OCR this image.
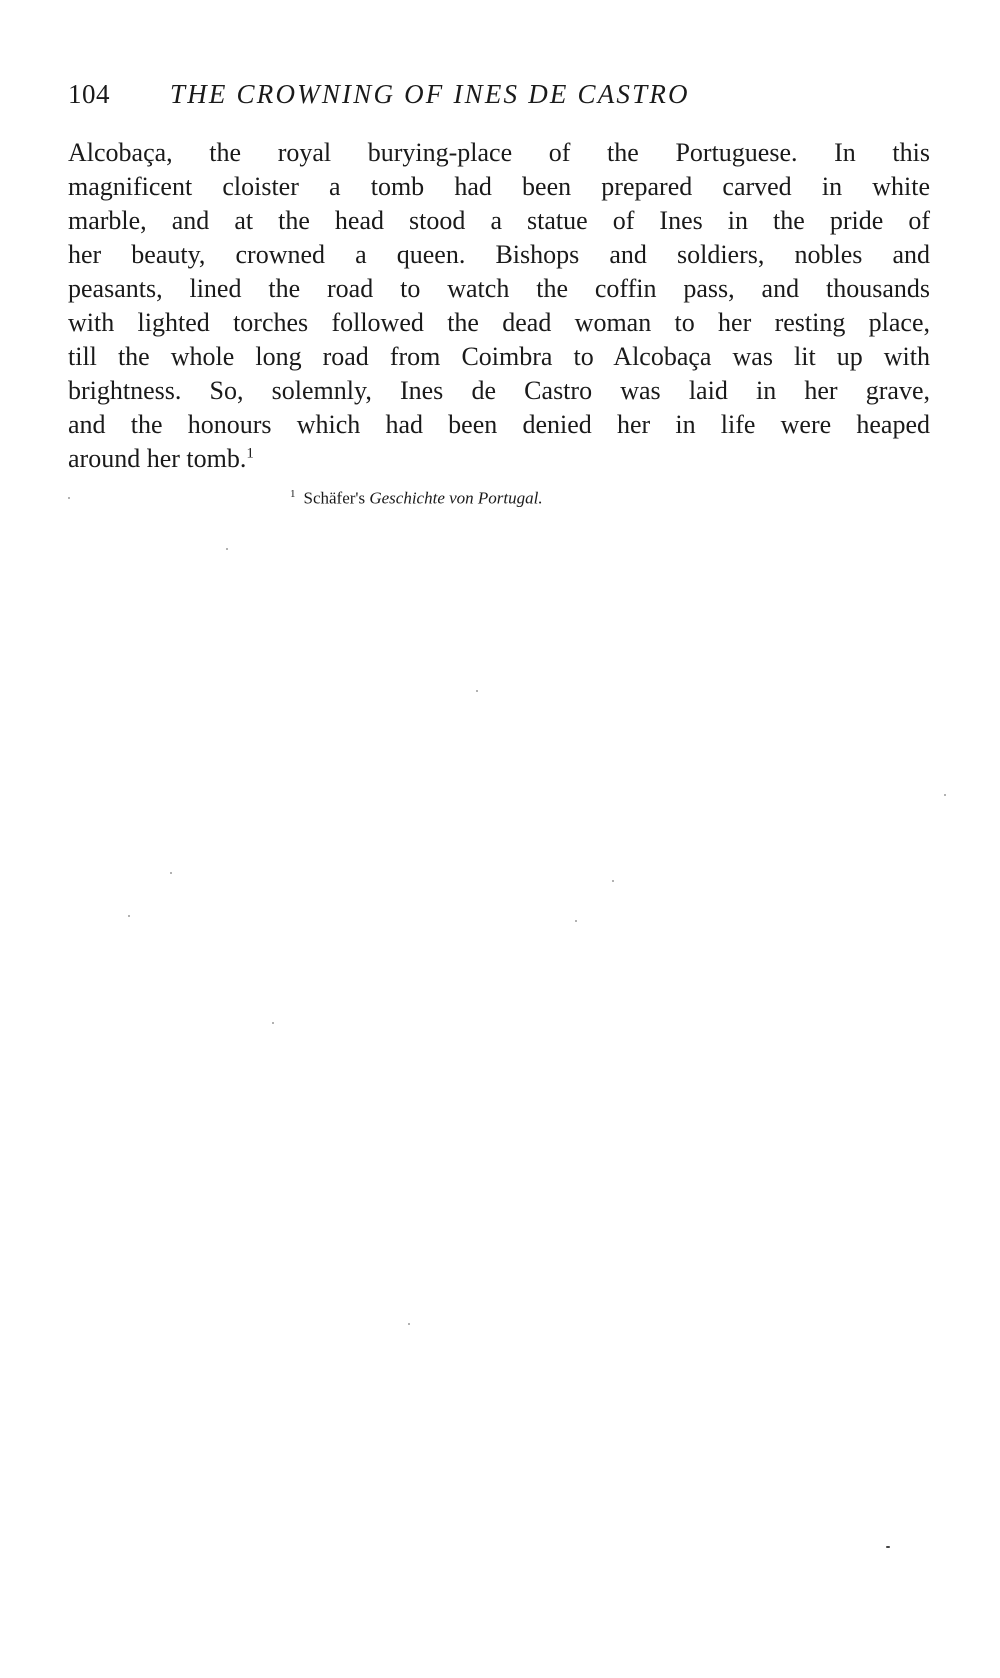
104 THE CROWNING OF INES DE CASTRO
Alcobaça, the royal burying-place of the Portuguese. In this
magnificent cloister a tomb had been prepared carved in white
marble, and at the head stood a statue of Ines in the pride of
her beauty, crowned a queen. Bishops and soldiers, nobles and
peasants, lined the road to watch the coffin pass, and thousands
with lighted torches followed the dead woman to her resting place,
till the whole long road from Coimbra to Alcobaça was lit up with
brightness. So, solemnly, Ines de Castro was laid in her grave,
and the honours which had been denied her in life were heaped
around her tomb.$^1$
$^1$ Schäfer's Geschichte von Portugal.
